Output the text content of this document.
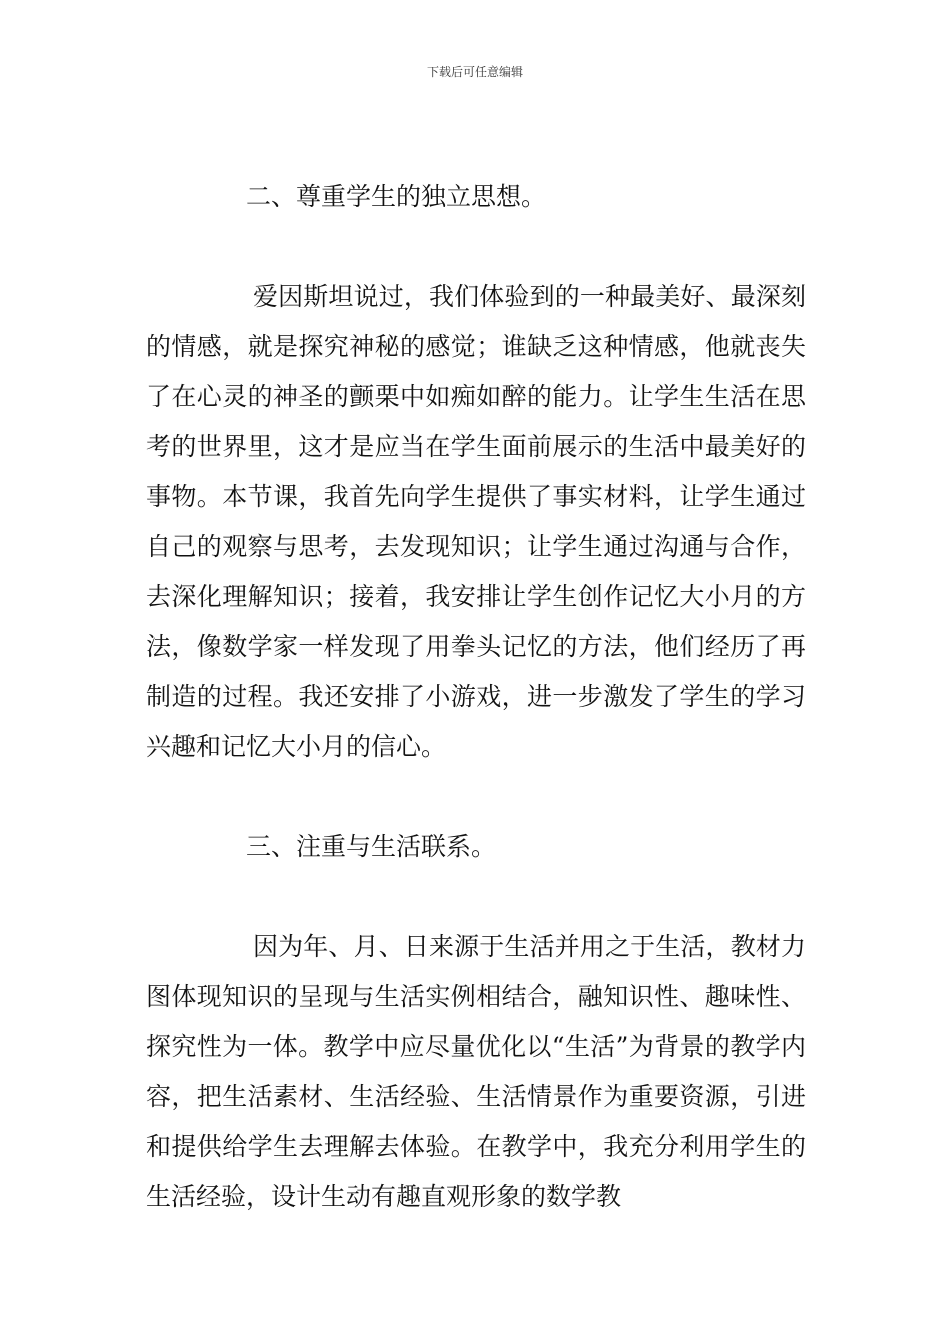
下载后可任意编辑

二、尊重学生的独立思想。

爱因斯坦说过，我们体验到的一种最美好、最深刻的情感，就是探究神秘的感觉；谁缺乏这种情感，他就丧失了在心灵的神圣的颤栗中如痴如醉的能力。让学生生活在思考的世界里，这才是应当在学生面前展示的生活中最美好的事物。本节课，我首先向学生提供了事实材料，让学生通过自己的观察与思考，去发现知识；让学生通过沟通与合作，去深化理解知识；接着，我安排让学生创作记忆大小月的方法，像数学家一样发现了用拳头记忆的方法，他们经历了再制造的过程。我还安排了小游戏，进一步激发了学生的学习兴趣和记忆大小月的信心。

三、注重与生活联系。

因为年、月、日来源于生活并用之于生活，教材力图体现知识的呈现与生活实例相结合，融知识性、趣味性、探究性为一体。教学中应尽量优化以“生活”为背景的教学内容，把生活素材、生活经验、生活情景作为重要资源，引进和提供给学生去理解去体验。在教学中，我充分利用学生的生活经验，设计生动有趣直观形象的数学教
